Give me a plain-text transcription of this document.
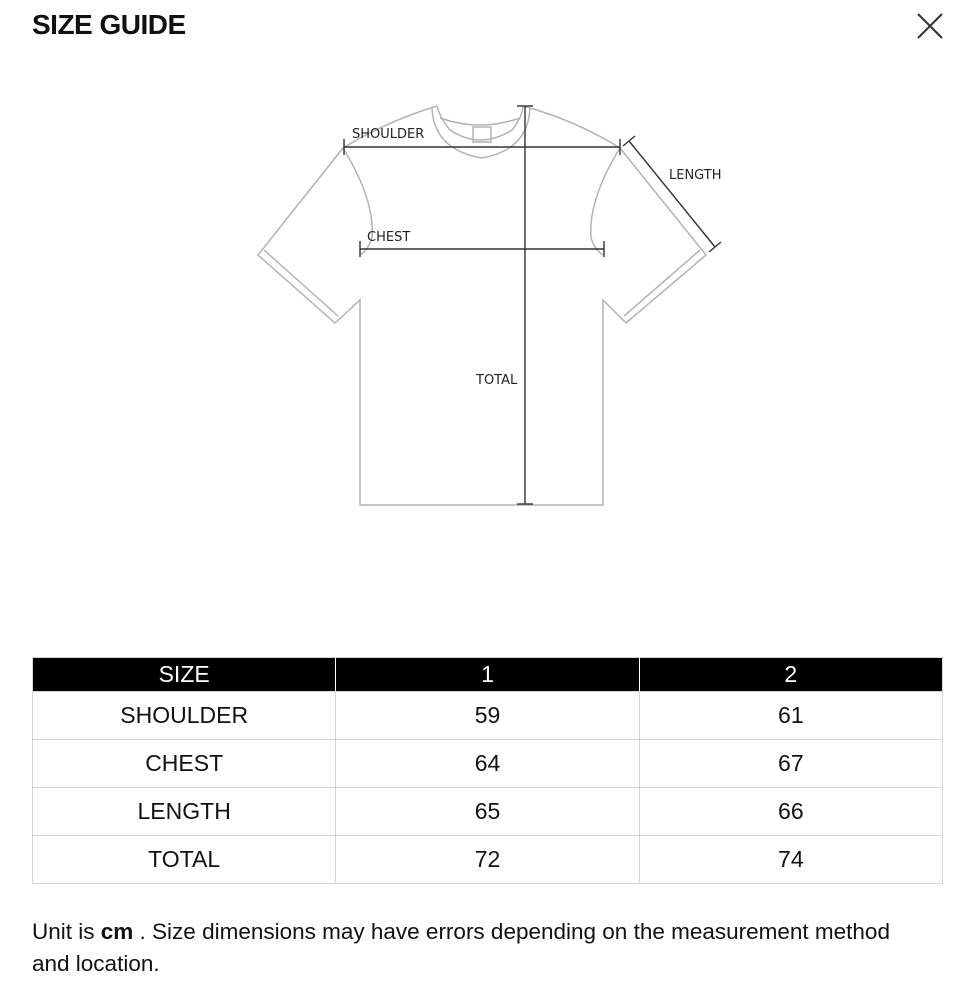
SIZE GUIDE
SHOULDER
CHEST
LENGTH
TOTAL
SIZE	1	2
SHOULDER	59	61
CHEST	64	67
LENGTH	65	66
TOTAL	72	74
Unit is cm . Size dimensions may have errors depending on the measurement method and location.
